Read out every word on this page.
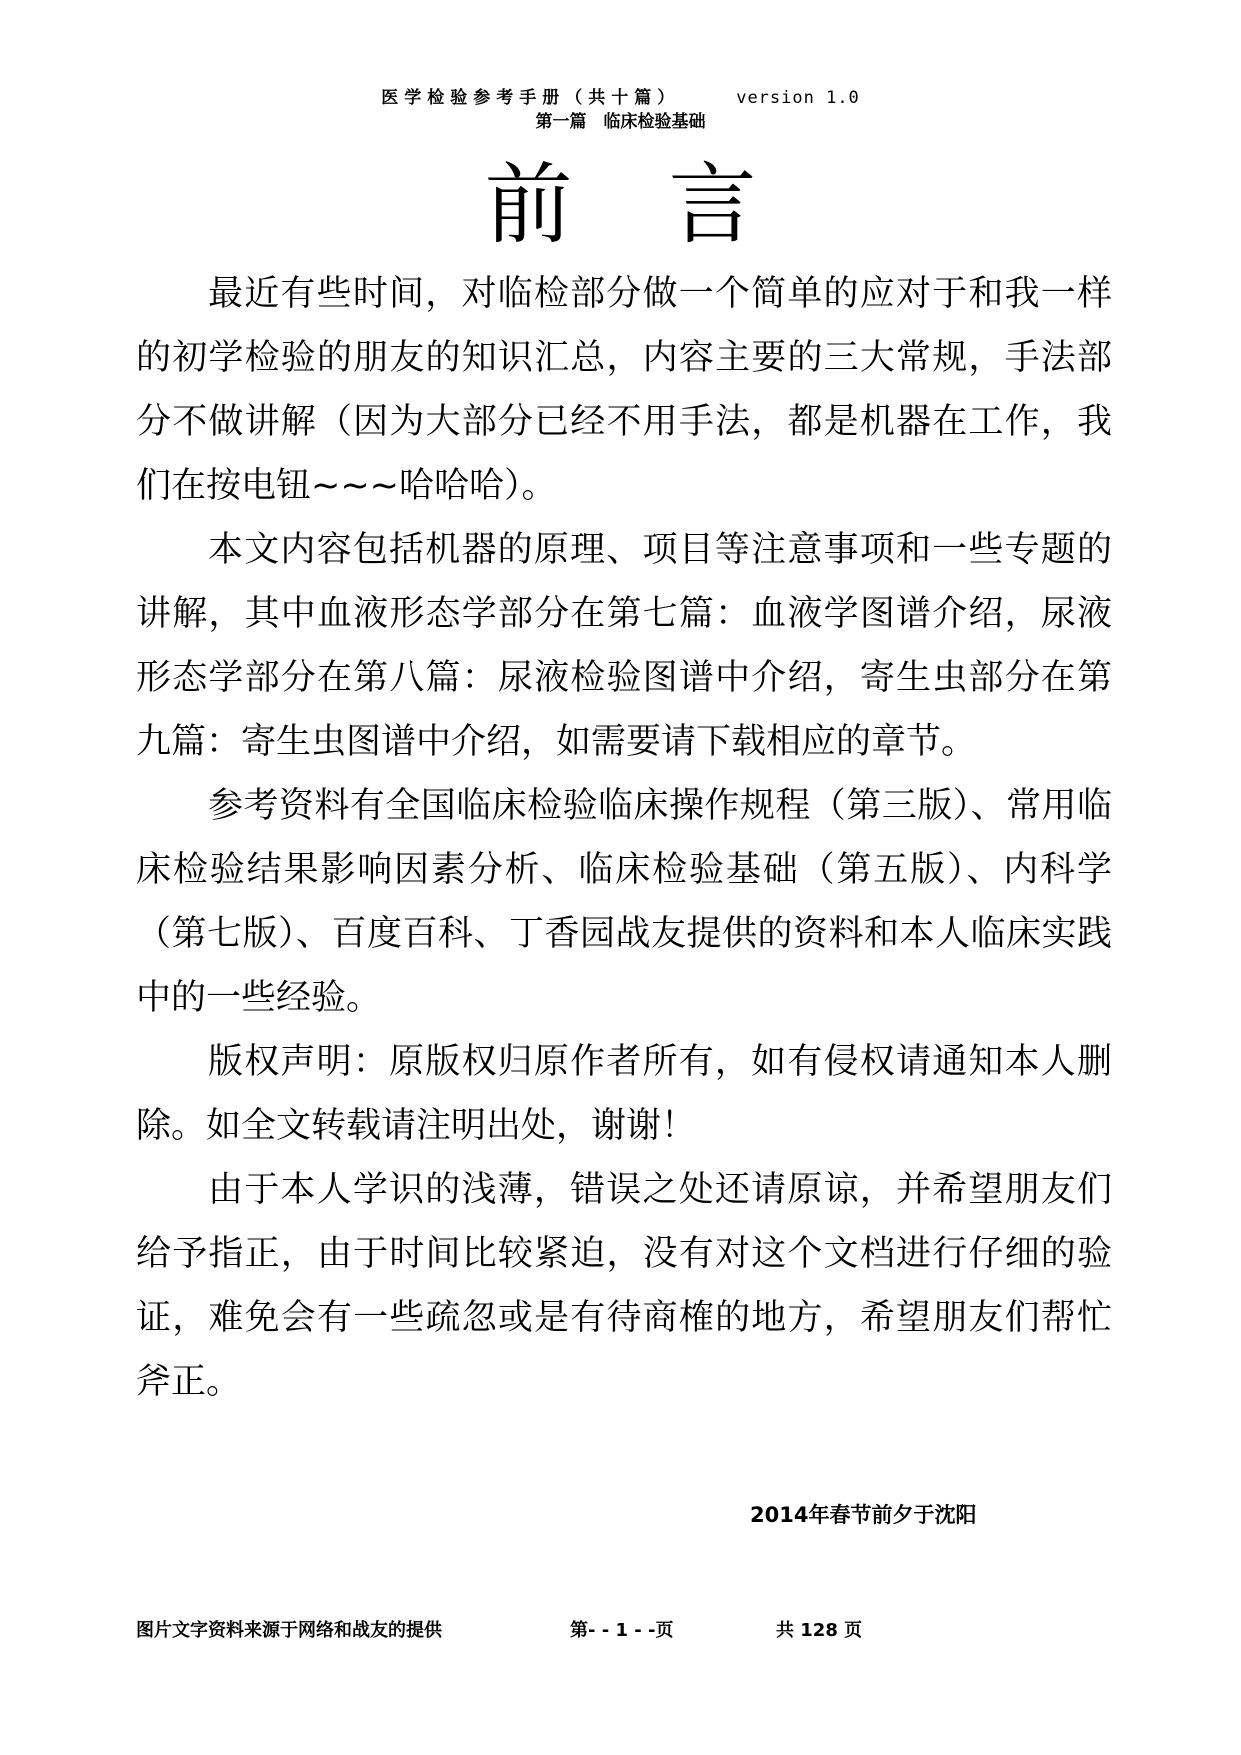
医学检验参考手册（共十篇）	version 1.0
第一篇　临床检验基础
前言

最近有些时间，对临检部分做一个简单的应对于和我一样的初学检验的朋友的知识汇总，内容主要的三大常规，手法部分不做讲解（因为大部分已经不用手法，都是机器在工作，我们在按电钮~~~哈哈哈）。

本文内容包括机器的原理、项目等注意事项和一些专题的讲解，其中血液形态学部分在第七篇：血液学图谱介绍，尿液形态学部分在第八篇：尿液检验图谱中介绍，寄生虫部分在第九篇：寄生虫图谱中介绍，如需要请下载相应的章节。

参考资料有全国临床检验临床操作规程（第三版）、常用临床检验结果影响因素分析、临床检验基础（第五版）、内科学（第七版）、百度百科、丁香园战友提供的资料和本人临床实践中的一些经验。

版权声明：原版权归原作者所有，如有侵权请通知本人删除。如全文转载请注明出处，谢谢！

由于本人学识的浅薄，错误之处还请原谅，并希望朋友们给予指正，由于时间比较紧迫，没有对这个文档进行仔细的验证，难免会有一些疏忽或是有待商榷的地方，希望朋友们帮忙斧正。

2014年春节前夕于沈阳
图片文字资料来源于网络和战友的提供	第- - 1 - -页	共 128 页
